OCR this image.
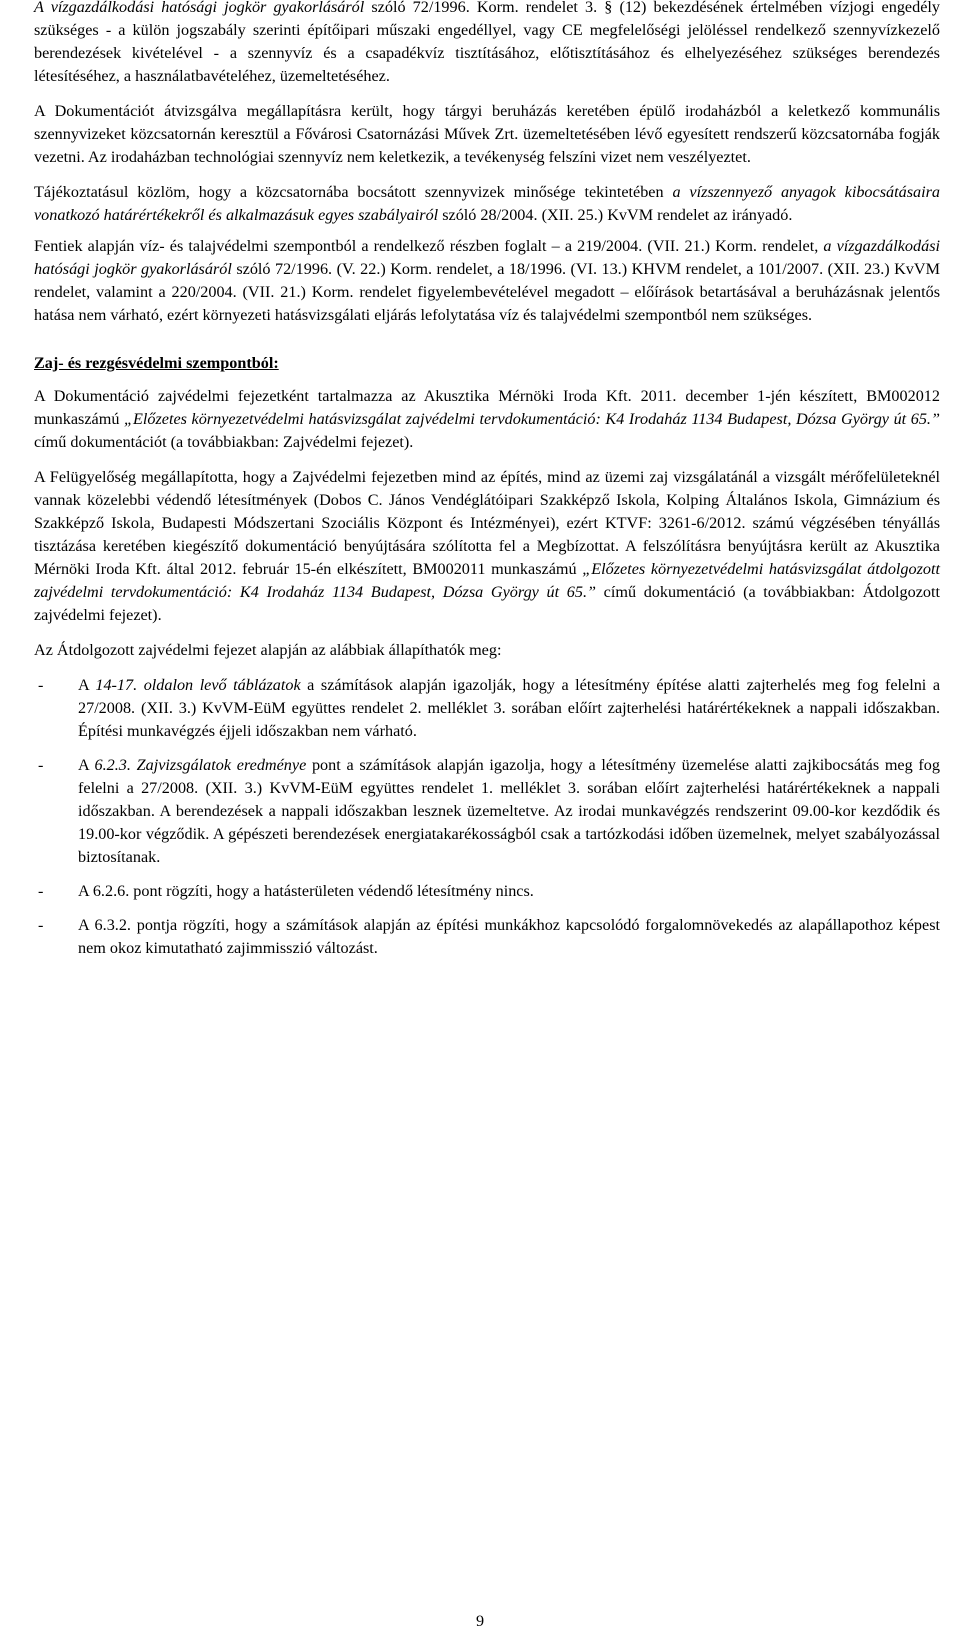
A vízgazdálkodási hatósági jogkör gyakorlásáról szóló 72/1996. Korm. rendelet 3. § (12) bekezdésének értelmében vízjogi engedély szükséges - a külön jogszabály szerinti építőipari műszaki engedéllyel, vagy CE megfelelőségi jelöléssel rendelkező szennyvízkezelő berendezések kivételével - a szennyvíz és a csapadékvíz tisztításához, előtisztításához és elhelyezéséhez szükséges berendezés létesítéséhez, a használatbavételéhez, üzemeltetéséhez.

A Dokumentációt átvizsgálva megállapításra került, hogy tárgyi beruházás keretében épülő irodaházból a keletkező kommunális szennyvizeket közcsatornán keresztül a Fővárosi Csatornázási Művek Zrt. üzemeltetésében lévő egyesített rendszerű közcsatornába fogják vezetni. Az irodaházban technológiai szennyvíz nem keletkezik, a tevékenység felszíni vizet nem veszélyeztet.

Tájékoztatásul közlöm, hogy a közcsatornába bocsátott szennyvizek minősége tekintetében a vízszennyező anyagok kibocsátásaira vonatkozó határértékekről és alkalmazásuk egyes szabályairól szóló 28/2004. (XII. 25.) KvVM rendelet az irányadó.

Fentiek alapján víz- és talajvédelmi szempontból a rendelkező részben foglalt – a 219/2004. (VII. 21.) Korm. rendelet, a vízgazdálkodási hatósági jogkör gyakorlásáról szóló 72/1996. (V. 22.) Korm. rendelet, a 18/1996. (VI. 13.) KHVM rendelet, a 101/2007. (XII. 23.) KvVM rendelet, valamint a 220/2004. (VII. 21.) Korm. rendelet figyelembevételével megadott – előírások betartásával a beruházásnak jelentős hatása nem várható, ezért környezeti hatásvizsgálati eljárás lefolytatása víz és talajvédelmi szempontból nem szükséges.

Zaj- és rezgésvédelmi szempontból:

A Dokumentáció zajvédelmi fejezetként tartalmazza az Akusztika Mérnöki Iroda Kft. 2011. december 1-jén készített, BM002012 munkaszámú „Előzetes környezetvédelmi hatásvizsgálat zajvédelmi tervdokumentáció: K4 Irodaház 1134 Budapest, Dózsa György út 65.” című dokumentációt (a továbbiakban: Zajvédelmi fejezet).

A Felügyelőség megállapította, hogy a Zajvédelmi fejezetben mind az építés, mind az üzemi zaj vizsgálatánál a vizsgált mérőfelületeknél vannak közelebbi védendő létesítmények (Dobos C. János Vendéglátóipari Szakképző Iskola, Kolping Általános Iskola, Gimnázium és Szakképző Iskola, Budapesti Módszertani Szociális Központ és Intézményei), ezért KTVF: 3261-6/2012. számú végzésében tényállás tisztázása keretében kiegészítő dokumentáció benyújtására szólította fel a Megbízottat. A felszólításra benyújtásra került az Akusztika Mérnöki Iroda Kft. által 2012. február 15-én elkészített, BM002011 munkaszámú „Előzetes környezetvédelmi hatásvizsgálat átdolgozott zajvédelmi tervdokumentáció: K4 Irodaház 1134 Budapest, Dózsa György út 65.” című dokumentáció (a továbbiakban: Átdolgozott zajvédelmi fejezet).

Az Átdolgozott zajvédelmi fejezet alapján az alábbiak állapíthatók meg:

- A 14-17. oldalon levő táblázatok a számítások alapján igazolják, hogy a létesítmény építése alatti zajterhelés meg fog felelni a 27/2008. (XII. 3.) KvVM-EüM együttes rendelet 2. melléklet 3. sorában előírt zajterhelési határértékeknek a nappali időszakban. Építési munkavégzés éjjeli időszakban nem várható.
- A 6.2.3. Zajvizsgálatok eredménye pont a számítások alapján igazolja, hogy a létesítmény üzemelése alatti zajkibocsátás meg fog felelni a 27/2008. (XII. 3.) KvVM-EüM együttes rendelet 1. melléklet 3. sorában előírt zajterhelési határértékeknek a nappali időszakban. A berendezések a nappali időszakban lesznek üzemeltetve. Az irodai munkavégzés rendszerint 09.00-kor kezdődik és 19.00-kor végződik. A gépészeti berendezések energiatakarékosságból csak a tartózkodási időben üzemelnek, melyet szabályozással biztosítanak.
- A 6.2.6. pont rögzíti, hogy a hatásterületen védendő létesítmény nincs.
- A 6.3.2. pontja rögzíti, hogy a számítások alapján az építési munkákhoz kapcsolódó forgalomnövekedés az alapállapothoz képest nem okoz kimutatható zajimmisszió változást.
9
